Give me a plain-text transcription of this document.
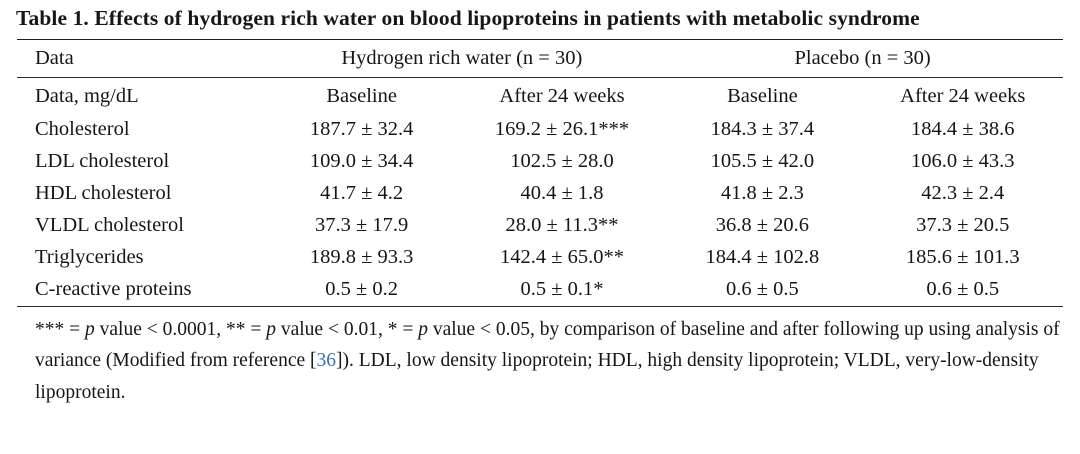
Table 1. Effects of hydrogen rich water on blood lipoproteins in patients with metabolic syndrome
Data	Hydrogen rich water (n = 30)	Placebo (n = 30)
Data, mg/dL	Baseline	After 24 weeks	Baseline	After 24 weeks
Cholesterol	187.7 ± 32.4	169.2 ± 26.1***	184.3 ± 37.4	184.4 ± 38.6
LDL cholesterol	109.0 ± 34.4	102.5 ± 28.0	105.5 ± 42.0	106.0 ± 43.3
HDL cholesterol	41.7 ± 4.2	40.4 ± 1.8	41.8 ± 2.3	42.3 ± 2.4
VLDL cholesterol	37.3 ± 17.9	28.0 ± 11.3**	36.8 ± 20.6	37.3 ± 20.5
Triglycerides	189.8 ± 93.3	142.4 ± 65.0**	184.4 ± 102.8	185.6 ± 101.3
C-reactive proteins	0.5 ± 0.2	0.5 ± 0.1*	0.6 ± 0.5	0.6 ± 0.5

*** = p value < 0.0001, ** = p value < 0.01, * = p value < 0.05, by comparison of baseline and after following up using analysis of variance (Modified from reference [36]). LDL, low density lipoprotein; HDL, high density lipoprotein; VLDL, very-low-density lipoprotein.
